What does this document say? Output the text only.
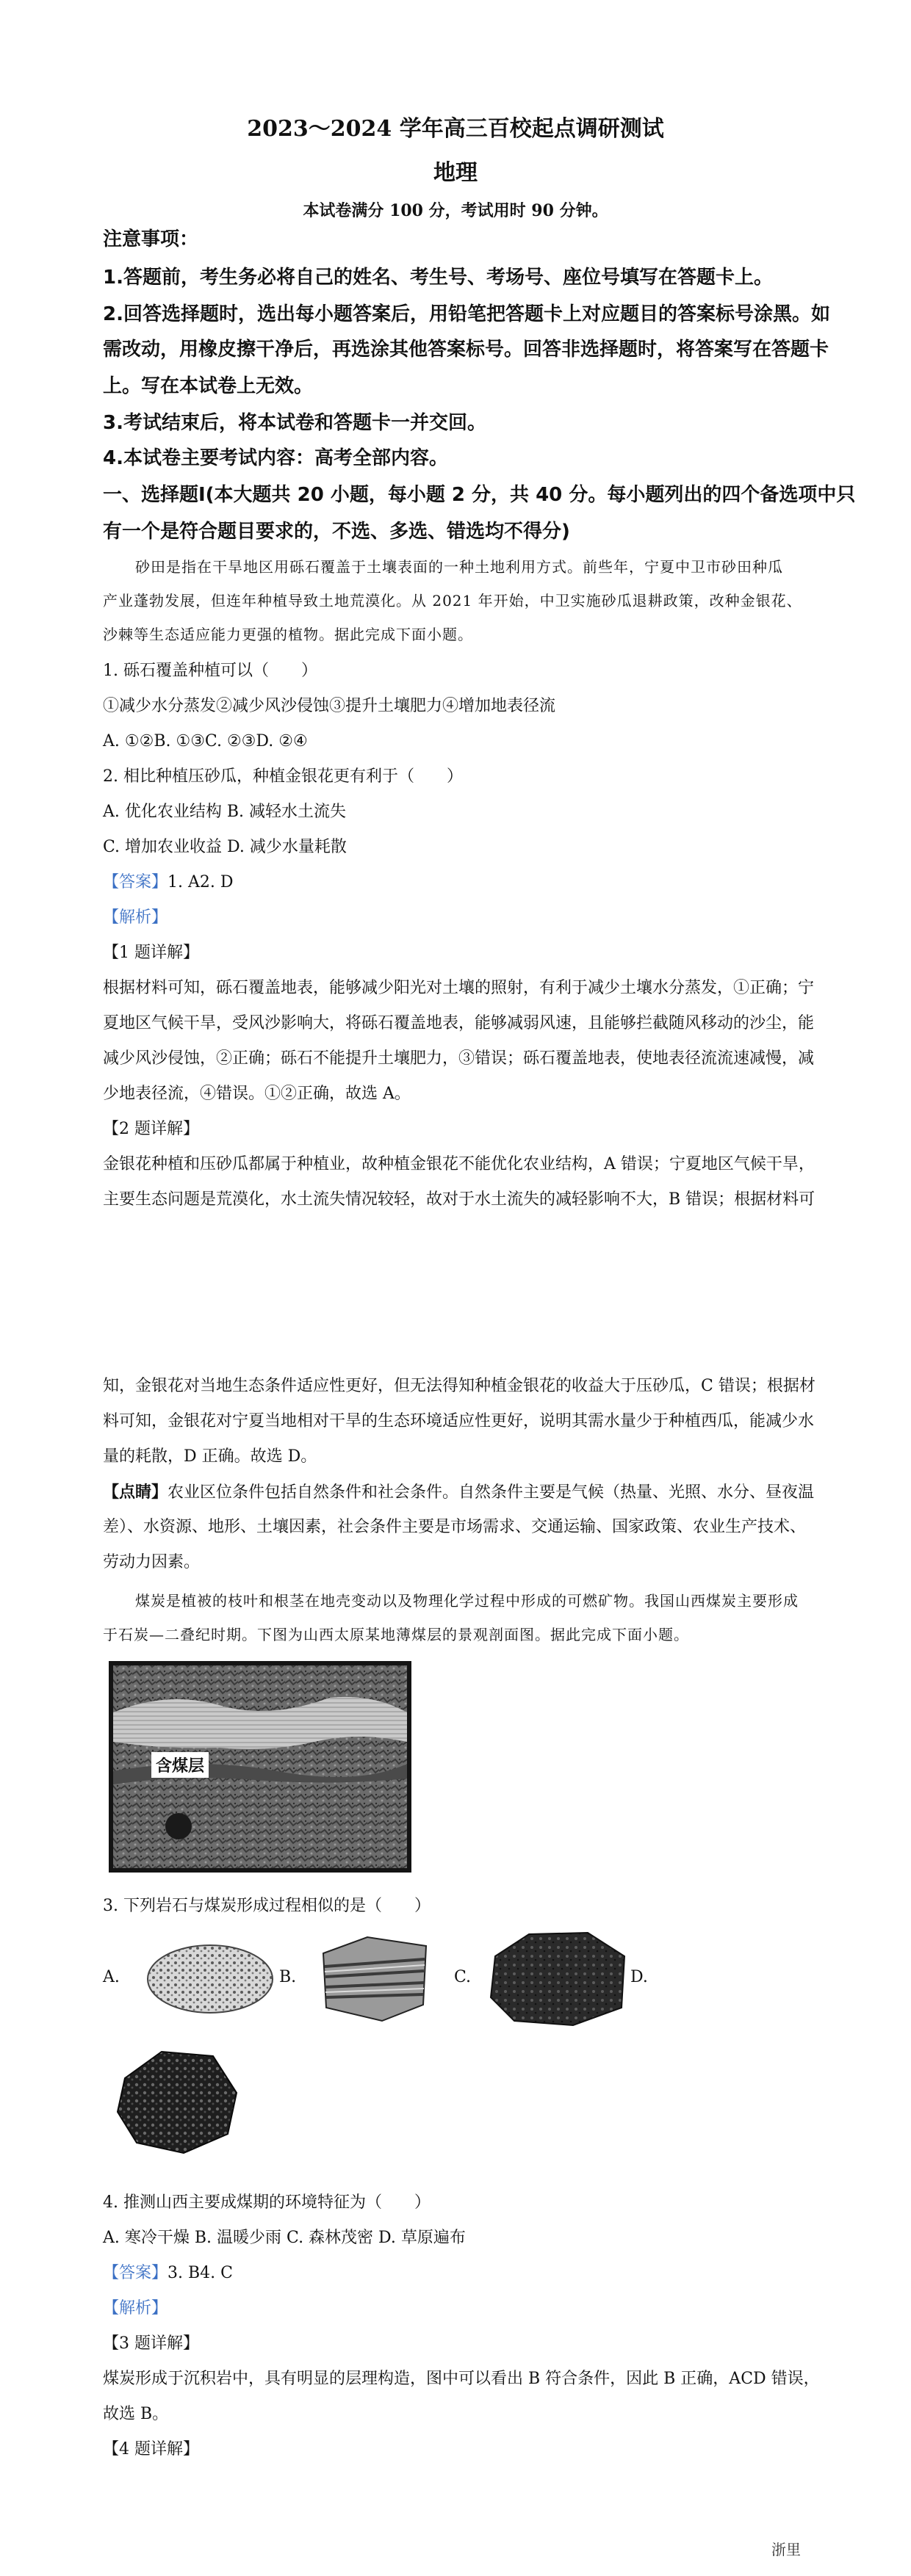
2023～2024 学年高三百校起点调研测试
地理
本试卷满分 100 分，考试用时 90 分钟。
注意事项：
1.答题前，考生务必将自己的姓名、考生号、考场号、座位号填写在答题卡上。
2.回答选择题时，选出每小题答案后，用铅笔把答题卡上对应题目的答案标号涂黑。如
需改动，用橡皮擦干净后，再选涂其他答案标号。回答非选择题时，将答案写在答题卡
上。写在本试卷上无效。
3.考试结束后，将本试卷和答题卡一并交回。
4.本试卷主要考试内容：高考全部内容。
一、选择题Ⅰ(本大题共 20 小题，每小题 2 分，共 40 分。每小题列出的四个备选项中只
有一个是符合题目要求的，不选、多选、错选均不得分)
砂田是指在干旱地区用砾石覆盖于土壤表面的一种土地利用方式。前些年，宁夏中卫市砂田种瓜
产业蓬勃发展，但连年种植导致土地荒漠化。从 2021 年开始，中卫实施砂瓜退耕政策，改种金银花、
沙棘等生态适应能力更强的植物。据此完成下面小题。
1. 砾石覆盖种植可以（　　）
①减少水分蒸发②减少风沙侵蚀③提升土壤肥力④增加地表径流
A. ①②B. ①③C. ②③D. ②④
2. 相比种植压砂瓜，种植金银花更有利于（　　）
A. 优化农业结构 B. 减轻水土流失
C. 增加农业收益 D. 减少水量耗散
【答案】1. A2. D
【解析】
【1 题详解】
根据材料可知，砾石覆盖地表，能够减少阳光对土壤的照射，有利于减少土壤水分蒸发，①正确；宁
夏地区气候干旱，受风沙影响大，将砾石覆盖地表，能够减弱风速，且能够拦截随风移动的沙尘，能
减少风沙侵蚀，②正确；砾石不能提升土壤肥力，③错误；砾石覆盖地表，使地表径流流速减慢，减
少地表径流，④错误。①②正确，故选 A。
【2 题详解】
金银花种植和压砂瓜都属于种植业，故种植金银花不能优化农业结构，A 错误；宁夏地区气候干旱，
主要生态问题是荒漠化，水土流失情况较轻，故对于水土流失的减轻影响不大，B 错误；根据材料可
知，金银花对当地生态条件适应性更好，但无法得知种植金银花的收益大于压砂瓜，C 错误；根据材
料可知，金银花对宁夏当地相对干旱的生态环境适应性更好，说明其需水量少于种植西瓜，能减少水
量的耗散，D 正确。故选 D。
【点睛】农业区位条件包括自然条件和社会条件。自然条件主要是气候（热量、光照、水分、昼夜温
差）、水资源、地形、土壤因素，社会条件主要是市场需求、交通运输、国家政策、农业生产技术、
劳动力因素。
煤炭是植被的枝叶和根茎在地壳变动以及物理化学过程中形成的可燃矿物。我国山西煤炭主要形成
于石炭—二叠纪时期。下图为山西太原某地薄煤层的景观剖面图。据此完成下面小题。
含煤层
3. 下列岩石与煤炭形成过程相似的是（　　）
A.	B.	C.	D.
4. 推测山西主要成煤期的环境特征为（　　）
A. 寒冷干燥 B. 温暖少雨 C. 森林茂密 D. 草原遍布
【答案】3. B4. C
【解析】
【3 题详解】
煤炭形成于沉积岩中，具有明显的层理构造，图中可以看出 B 符合条件，因此 B 正确，ACD 错误，
故选 B。
【4 题详解】
浙里
